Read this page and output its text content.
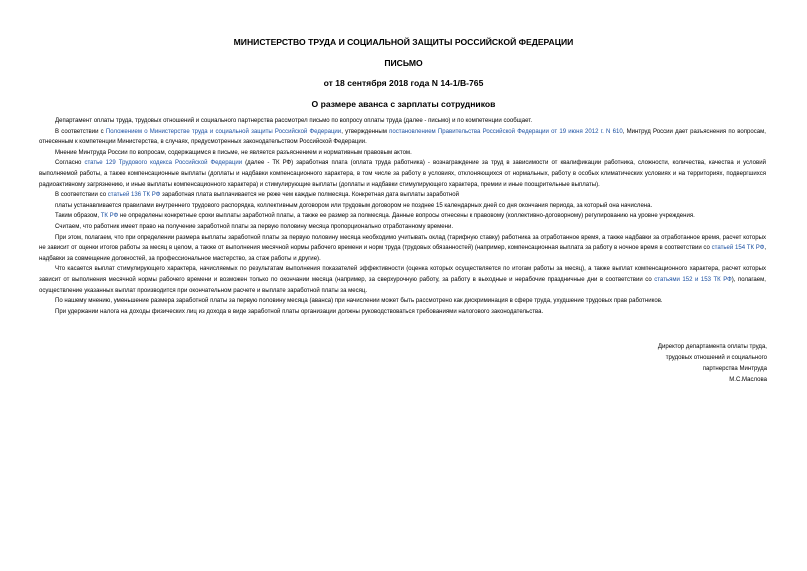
МИНИСТЕРСТВО ТРУДА И СОЦИАЛЬНОЙ ЗАЩИТЫ РОССИЙСКОЙ ФЕДЕРАЦИИ
ПИСЬМО
от 18 сентября 2018 года N 14-1/В-765
О размере аванса с зарплаты сотрудников

Департамент оплаты труда, трудовых отношений и социального партнерства рассмотрел письмо по вопросу оплаты труда (далее - письмо) и по компетенции сообщает.

В соответствии с Положением о Министерстве труда и социальной защиты Российской Федерации, утвержденным постановлением Правительства Российской Федерации от 19 июня 2012 г. N 610, Минтруд России дает разъяснения по вопросам, отнесенным к компетенции Министерства, в случаях, предусмотренных законодательством Российской Федерации.

Мнение Минтруда России по вопросам, содержащимся в письме, не является разъяснением и нормативным правовым актом.

Согласно статье 129 Трудового кодекса Российской Федерации (далее - ТК РФ) заработная плата (оплата труда работника) - вознаграждение за труд в зависимости от квалификации работника, сложности, количества, качества и условий выполняемой работы, а также компенсационные выплаты (доплаты и надбавки компенсационного характера, в том числе за работу в условиях, отклоняющихся от нормальных, работу в особых климатических условиях и на территориях, подвергшихся радиоактивному загрязнению, и иные выплаты компенсационного характера) и стимулирующие выплаты (доплаты и надбавки стимулирующего характера, премии и иные поощрительные выплаты).

В соответствии со статьей 136 ТК РФ заработная плата выплачивается не реже чем каждые полмесяца. Конкретная дата выплаты заработной

платы устанавливается правилами внутреннего трудового распорядка, коллективным договором или трудовым договором не позднее 15 календарных дней со дня окончания периода, за который она начислена.

Таким образом, ТК РФ не определены конкретные сроки выплаты заработной платы, а также ее размер за полмесяца. Данные вопросы отнесены к правовому (коллективно-договорному) регулированию на уровне учреждения.

Считаем, что работник имеет право на получение заработной платы за первую половину месяца пропорционально отработанному времени.

При этом, полагаем, что при определении размера выплаты заработной платы за первую половину месяца необходимо учитывать оклад (тарифную ставку) работника за отработанное время, а также надбавки за отработанное время, расчет которых не зависит от оценки итогов работы за месяц в целом, а также от выполнения месячной нормы рабочего времени и норм труда (трудовых обязанностей) (например, компенсационная выплата за работу в ночное время в соответствии со статьей 154 ТК РФ, надбавки за совмещение должностей, за профессиональное мастерство, за стаж работы и другие).

Что касается выплат стимулирующего характера, начисляемых по результатам выполнения показателей эффективности (оценка которых осуществляется по итогам работы за месяц), а также выплат компенсационного характера, расчет которых зависит от выполнения месячной нормы рабочего времени и возможен только по окончании месяца (например, за сверхурочную работу, за работу в выходные и нерабочие праздничные дни в соответствии со статьями 152 и 153 ТК РФ), полагаем, осуществление указанных выплат производится при окончательном расчете и выплате заработной платы за месяц.

По нашему мнению, уменьшение размера заработной платы за первую половину месяца (аванса) при начислении может быть рассмотрено как дискриминация в сфере труда, ухудшение трудовых прав работников.

При удержании налога на доходы физических лиц из дохода в виде заработной платы организации должны руководствоваться требованиями налогового законодательства.

Директор департамента оплаты труда,
трудовых отношений и социального
партнерства Минтруда
М.С.Маслова
